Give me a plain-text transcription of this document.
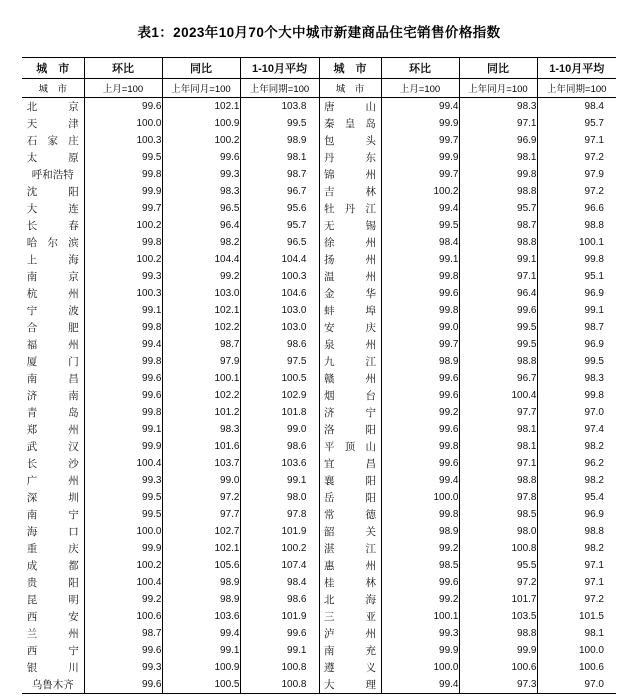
表1：2023年10月70个大中城市新建商品住宅销售价格指数
城　市	环比	同比	1-10月平均	城　市	环比	同比	1-10月平均
城　市	上月=100	上年同月=100	上年同期=100	城　市	上月=100	上年同月=100	上年同期=100
北京	99.6	102.1	103.8	唐山	99.4	98.3	98.4
天津	100.0	100.9	99.5	秦皇岛	99.9	97.1	95.7
石家庄	100.3	100.2	98.9	包头	99.7	96.9	97.1
太原	99.5	99.6	98.1	丹东	99.9	98.1	97.2
呼和浩特	99.8	99.3	98.7	锦州	99.7	99.8	97.9
沈阳	99.9	98.3	96.7	吉林	100.2	98.8	97.2
大连	99.7	96.5	95.6	牡丹江	99.4	95.7	96.6
长春	100.2	96.4	95.7	无锡	99.5	98.7	98.8
哈尔滨	99.8	98.2	96.5	徐州	98.4	98.8	100.1
上海	100.2	104.4	104.4	扬州	99.1	99.1	99.8
南京	99.3	99.2	100.3	温州	99.8	97.1	95.1
杭州	100.3	103.0	104.6	金华	99.6	96.4	96.9
宁波	99.1	102.1	103.0	蚌埠	99.8	99.6	99.1
合肥	99.8	102.2	103.0	安庆	99.0	99.5	98.7
福州	99.4	98.7	98.6	泉州	99.7	99.5	96.9
厦门	99.8	97.9	97.5	九江	98.9	98.8	99.5
南昌	99.6	100.1	100.5	赣州	99.6	96.7	98.3
济南	99.6	102.2	102.9	烟台	99.6	100.4	99.8
青岛	99.8	101.2	101.8	济宁	99.2	97.7	97.0
郑州	99.1	98.3	99.0	洛阳	99.6	98.1	97.4
武汉	99.9	101.6	98.6	平顶山	99.8	98.1	98.2
长沙	100.4	103.7	103.6	宜昌	99.6	97.1	96.2
广州	99.3	99.0	99.1	襄阳	99.4	98.8	98.2
深圳	99.5	97.2	98.0	岳阳	100.0	97.8	95.4
南宁	99.5	97.7	97.8	常德	99.8	98.5	96.9
海口	100.0	102.7	101.9	韶关	98.9	98.0	98.8
重庆	99.9	102.1	100.2	湛江	99.2	100.8	98.2
成都	100.2	105.6	107.4	惠州	98.5	95.5	97.1
贵阳	100.4	98.9	98.4	桂林	99.6	97.2	97.1
昆明	99.2	98.9	98.6	北海	99.2	101.7	97.2
西安	100.6	103.6	101.9	三亚	100.1	103.5	101.5
兰州	98.7	99.4	99.6	泸州	99.3	98.8	98.1
西宁	99.6	99.1	99.1	南充	99.9	99.9	100.0
银川	99.3	100.9	100.8	遵义	100.0	100.6	100.6
乌鲁木齐	99.6	100.5	100.8	大理	99.4	97.3	97.0
